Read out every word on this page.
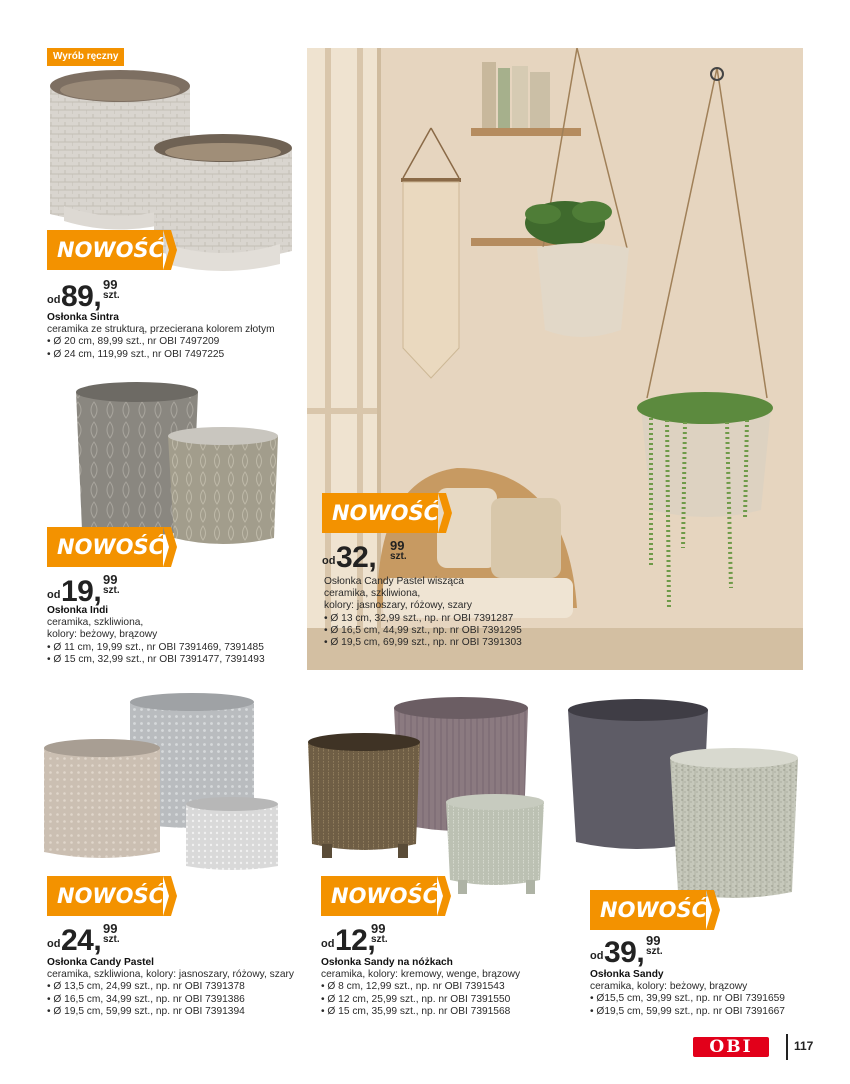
Wyrób ręczny
NOWOŚĆ
od 89, 99
szt.
Osłonka Sintra
ceramika ze strukturą, przecierana kolorem złotym
• Ø 20 cm, 89,99 szt., nr OBI 7497209
• Ø 24 cm, 119,99 szt., nr OBI 7497225
NOWOŚĆ
od 19, 99
szt.
Osłonka Indi
ceramika, szkliwiona,
kolory: beżowy, brązowy
• Ø 11 cm, 19,99 szt., nr OBI 7391469, 7391485
• Ø 15 cm, 32,99 szt., nr OBI 7391477, 7391493
NOWOŚĆ
od 32, 99
szt.
Osłonka Candy Pastel wisząca
ceramika, szkliwiona,
kolory: jasnoszary, różowy, szary
• Ø 13 cm, 32,99 szt., np. nr OBI 7391287
• Ø 16,5 cm, 44,99 szt., np. nr OBI 7391295
• Ø 19,5 cm, 69,99 szt., np. nr OBI 7391303
NOWOŚĆ
od 24, 99
szt.
Osłonka Candy Pastel
ceramika, szkliwiona, kolory: jasnoszary, różowy, szary
• Ø 13,5 cm, 24,99 szt., np. nr OBI 7391378
• Ø 16,5 cm, 34,99 szt., np. nr OBI 7391386
• Ø 19,5 cm, 59,99 szt., np. nr OBI 7391394
NOWOŚĆ
od 12,
99
szt.
Osłonka Sandy na nóżkach
ceramika, kolory: kremowy, wenge, brązowy
• Ø 8 cm, 12,99 szt., np. nr OBI 7391543
• Ø 12 cm, 25,99 szt., np. nr OBI 7391550
• Ø 15 cm, 35,99 szt., np. nr OBI 7391568
NOWOŚĆ
od 39, 99
szt.
Osłonka Sandy
ceramika, kolory: beżowy, brązowy
• Ø15,5 cm, 39,99 szt., np. nr OBI 7391659
• Ø19,5 cm, 59,99 szt., np. nr OBI 7391667
OBI	117
